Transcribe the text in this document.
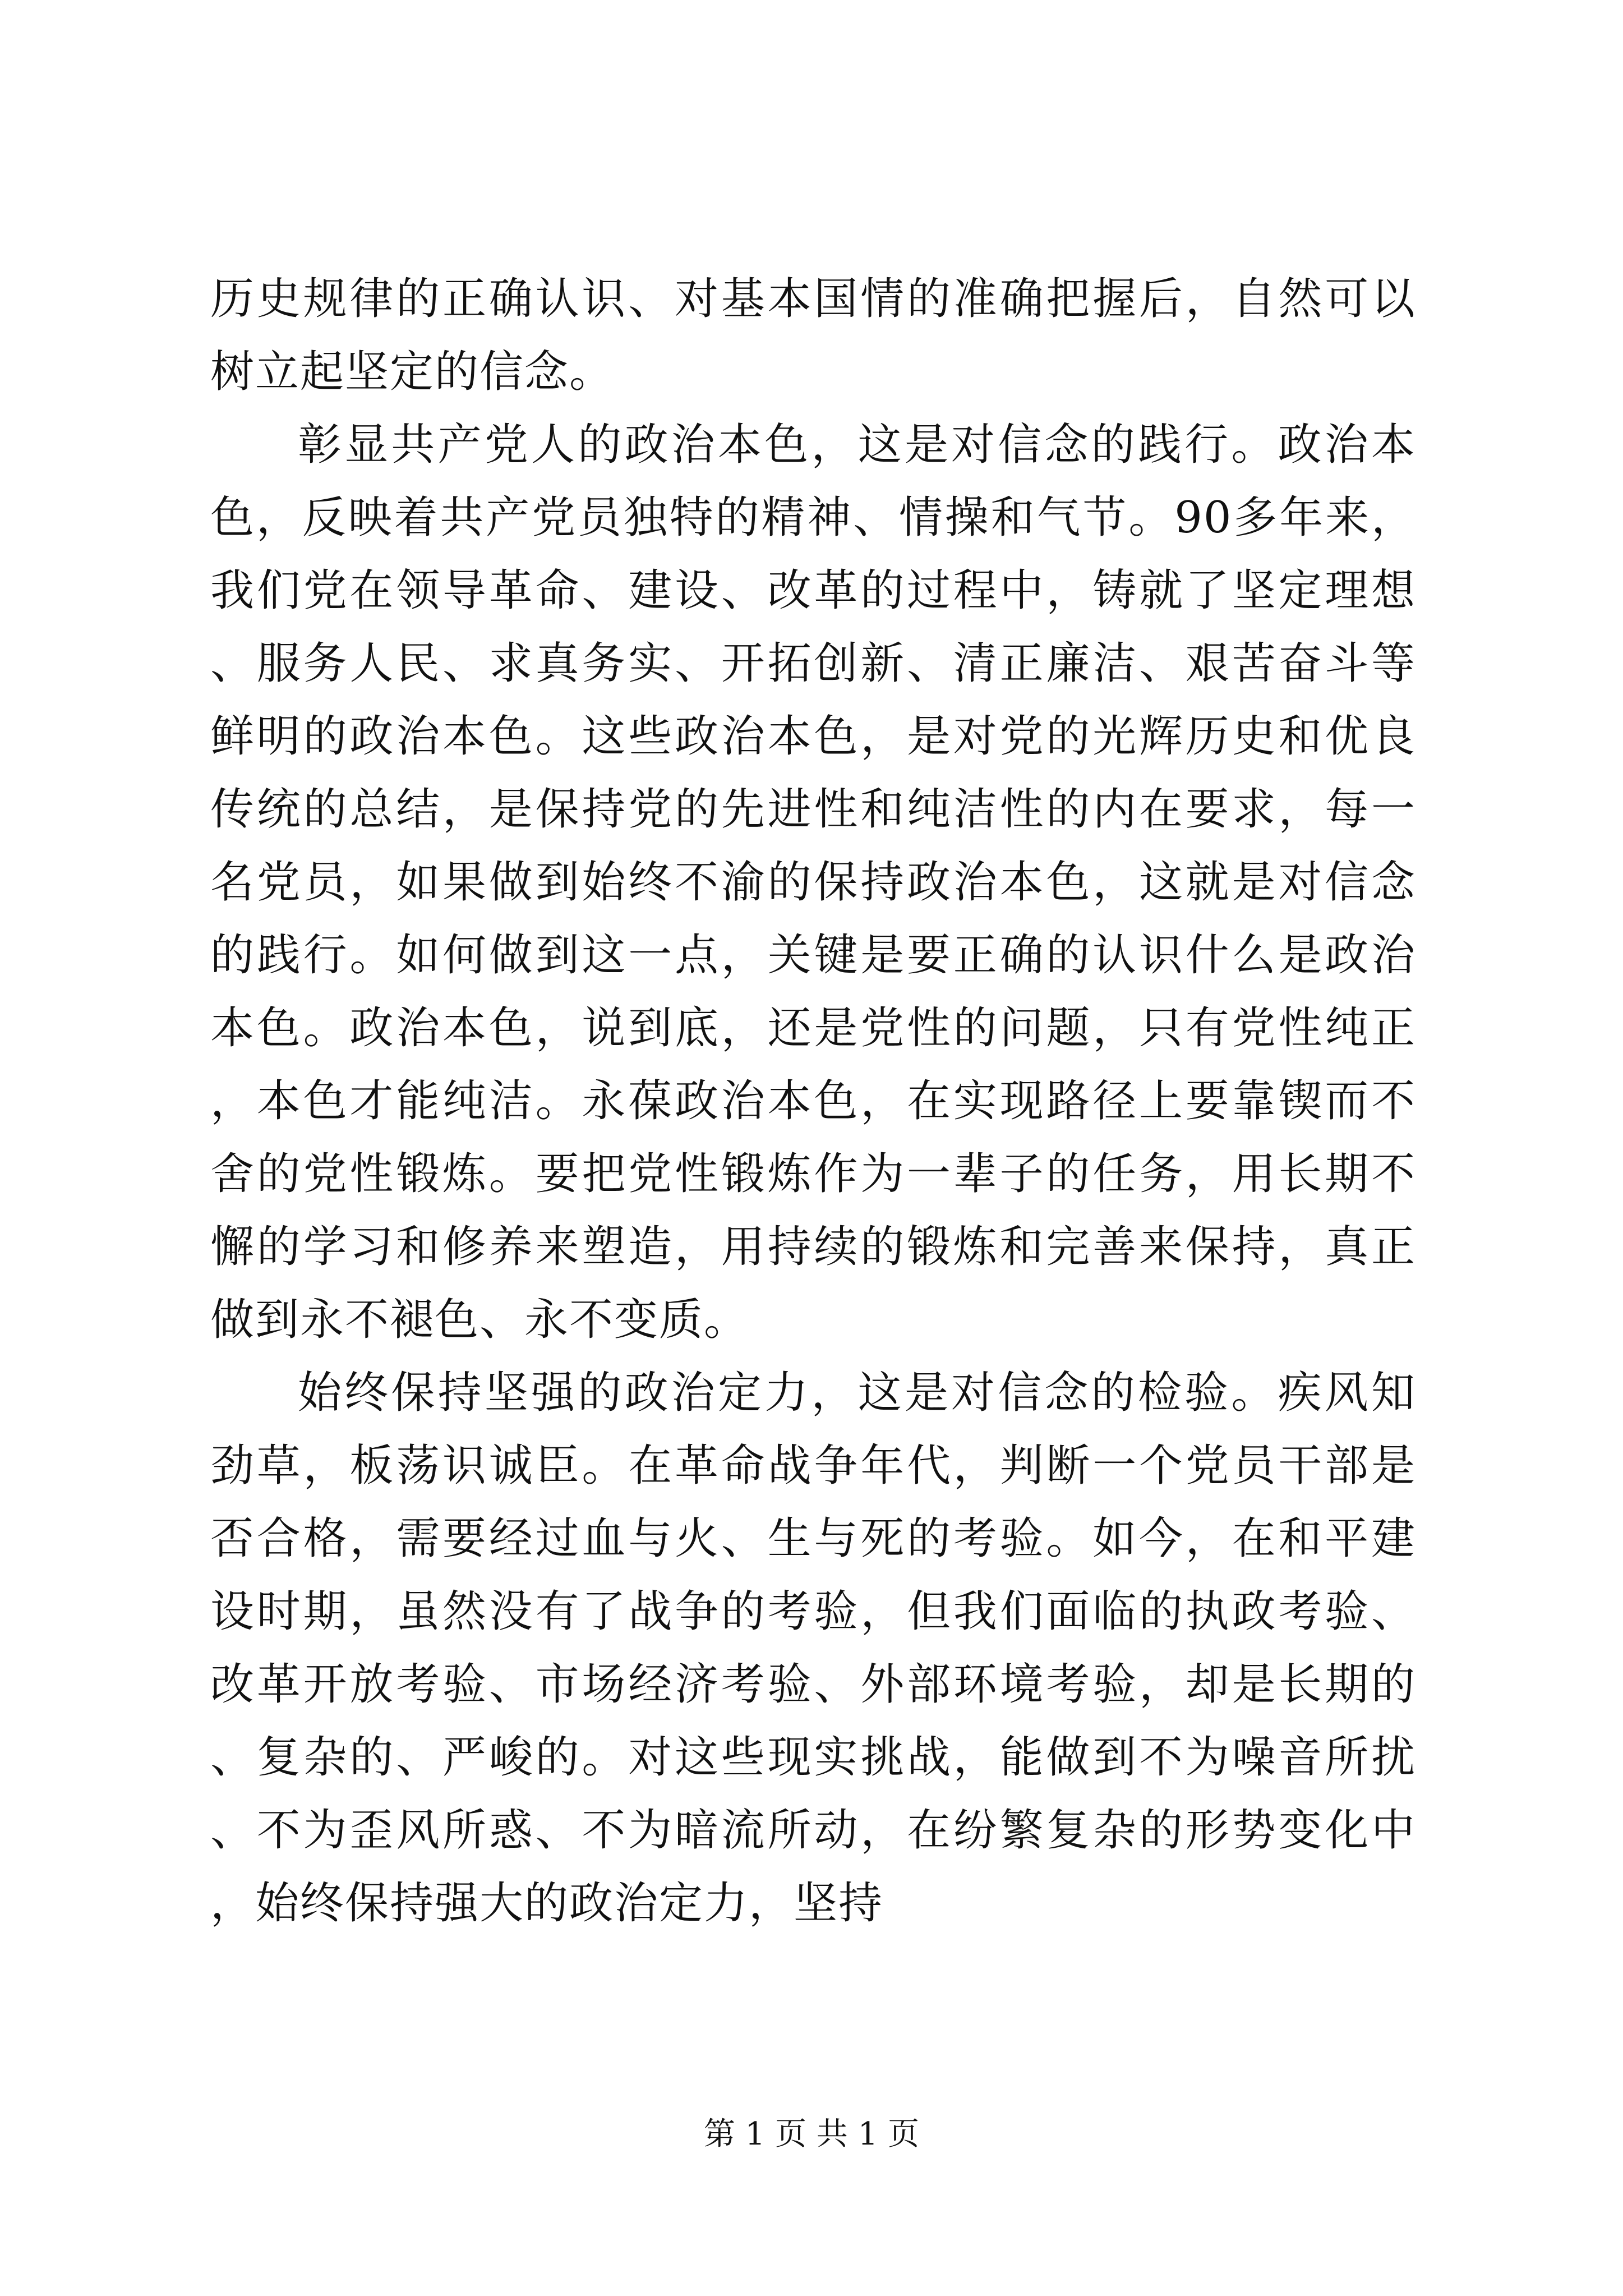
历史规律的正确认识、对基本国情的准确把握后，自然可以树立起坚定的信念。

彰显共产党人的政治本色，这是对信念的践行。政治本色，反映着共产党员独特的精神、情操和气节。90多年来，我们党在领导革命、建设、改革的过程中，铸就了坚定理想、服务人民、求真务实、开拓创新、清正廉洁、艰苦奋斗等鲜明的政治本色。这些政治本色，是对党的光辉历史和优良传统的总结，是保持党的先进性和纯洁性的内在要求，每一名党员，如果做到始终不渝的保持政治本色，这就是对信念的践行。如何做到这一点，关键是要正确的认识什么是政治本色。政治本色，说到底，还是党性的问题，只有党性纯正，本色才能纯洁。永葆政治本色，在实现路径上要靠锲而不舍的党性锻炼。要把党性锻炼作为一辈子的任务，用长期不懈的学习和修养来塑造，用持续的锻炼和完善来保持，真正做到永不褪色、永不变质。

始终保持坚强的政治定力，这是对信念的检验。疾风知劲草，板荡识诚臣。在革命战争年代，判断一个党员干部是否合格，需要经过血与火、生与死的考验。如今，在和平建设时期，虽然没有了战争的考验，但我们面临的执政考验、改革开放考验、市场经济考验、外部环境考验，却是长期的、复杂的、严峻的。对这些现实挑战，能做到不为噪音所扰、不为歪风所惑、不为暗流所动，在纷繁复杂的形势变化中，始终保持强大的政治定力，坚持

第 1 页 共 1 页
